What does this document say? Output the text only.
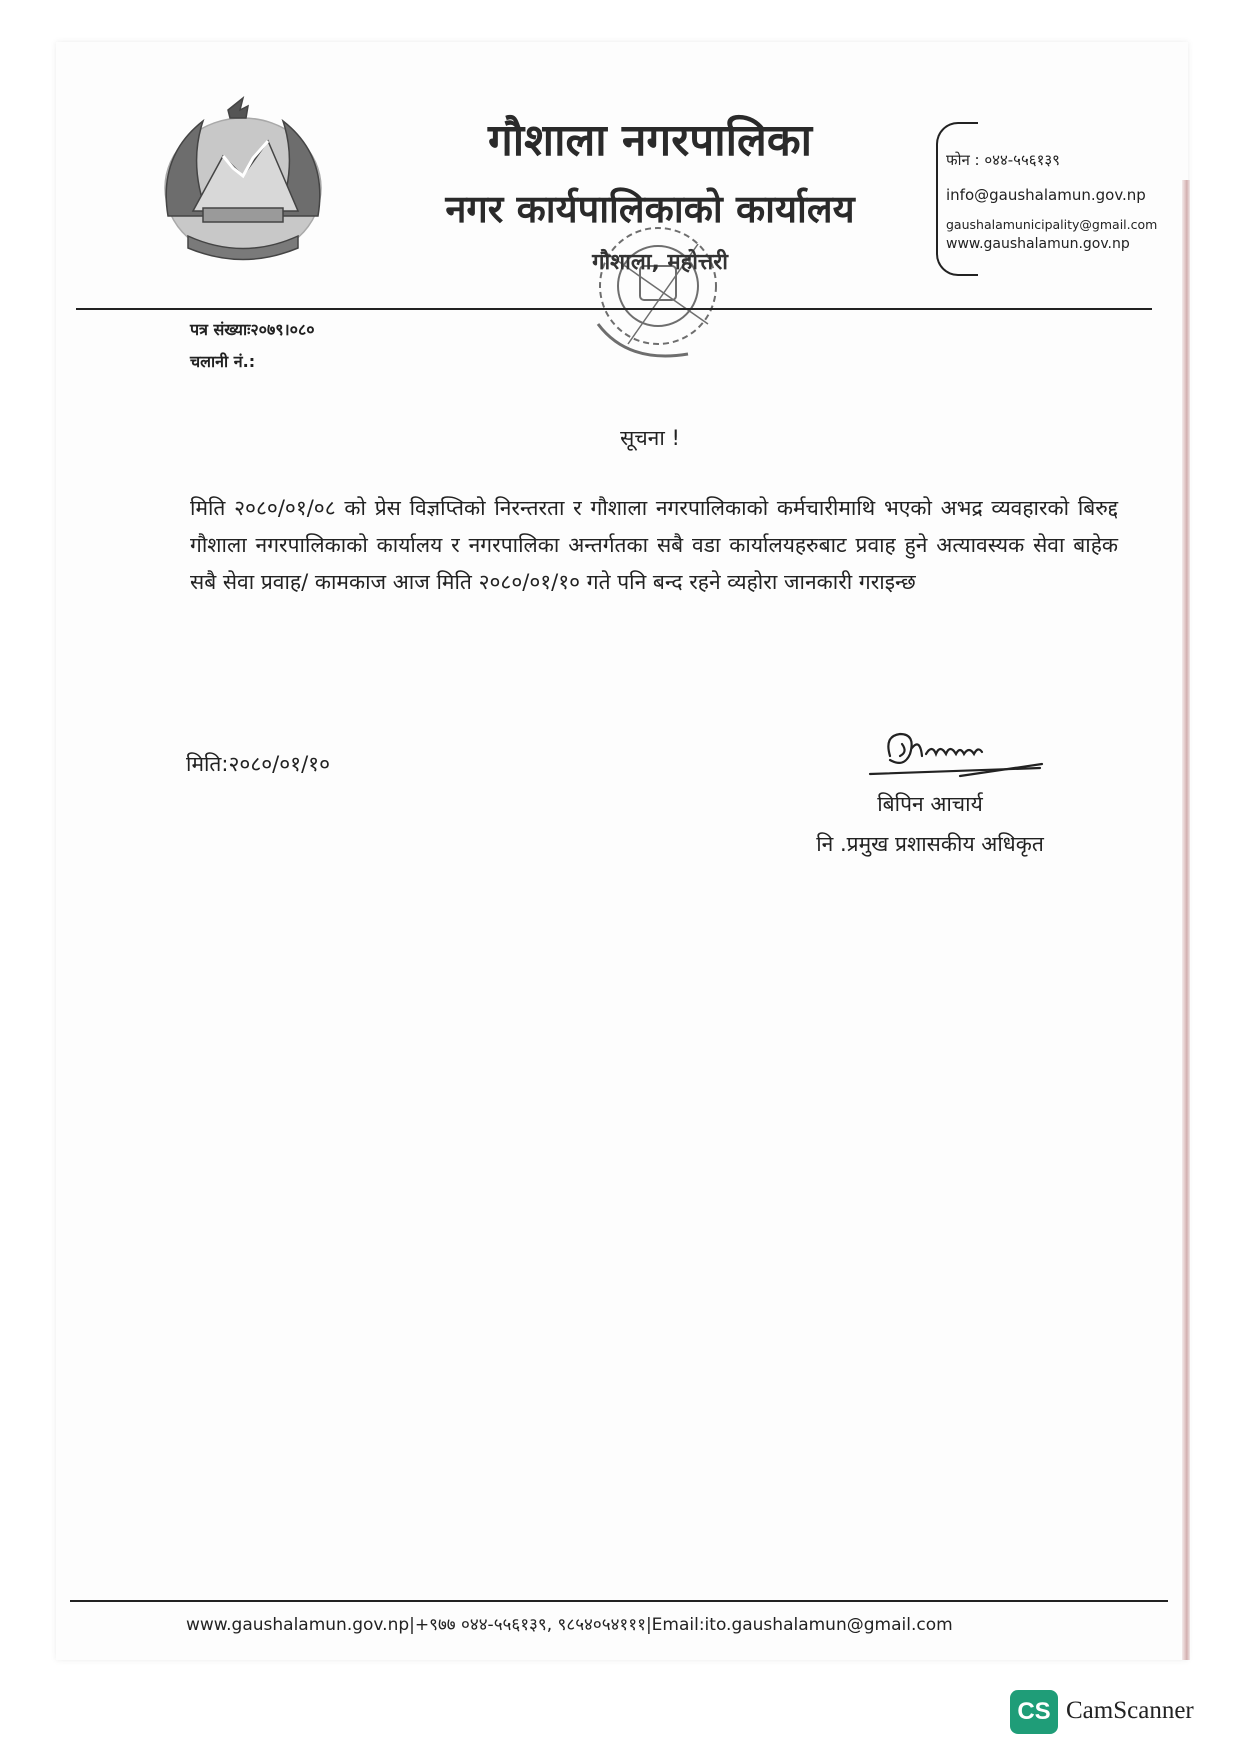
गौशाला नगरपालिका
नगर कार्यपालिकाको कार्यालय
गौशाला, महोत्तरी
फोन : ०४४-५५६१३९
info@gaushalamun.gov.np
gaushalamunicipality@gmail.com
www.gaushalamun.gov.np
पत्र संख्याः२०७९।०८०
चलानी नं.:
सूचना !
मिति २०८०/०१/०८ को प्रेस विज्ञप्तिको निरन्तरता र गौशाला नगरपालिकाको कर्मचारीमाथि भएको अभद्र व्यवहारको बिरुद्द गौशाला नगरपालिकाको कार्यालय र नगरपालिका अन्तर्गतका सबै वडा कार्यालयहरुबाट प्रवाह हुने अत्यावस्यक सेवा बाहेक सबै सेवा प्रवाह/ कामकाज आज मिति २०८०/०१/१० गते पनि बन्द रहने व्यहोरा जानकारी गराइन्छ
मिति:२०८०/०१/१०
बिपिन आचार्य
नि .प्रमुख प्रशासकीय अधिकृत
www.gaushalamun.gov.np|+९७७ ०४४-५५६१३९, ९८५४०५४१११|Email:ito.gaushalamun@gmail.com
CS CamScanner
